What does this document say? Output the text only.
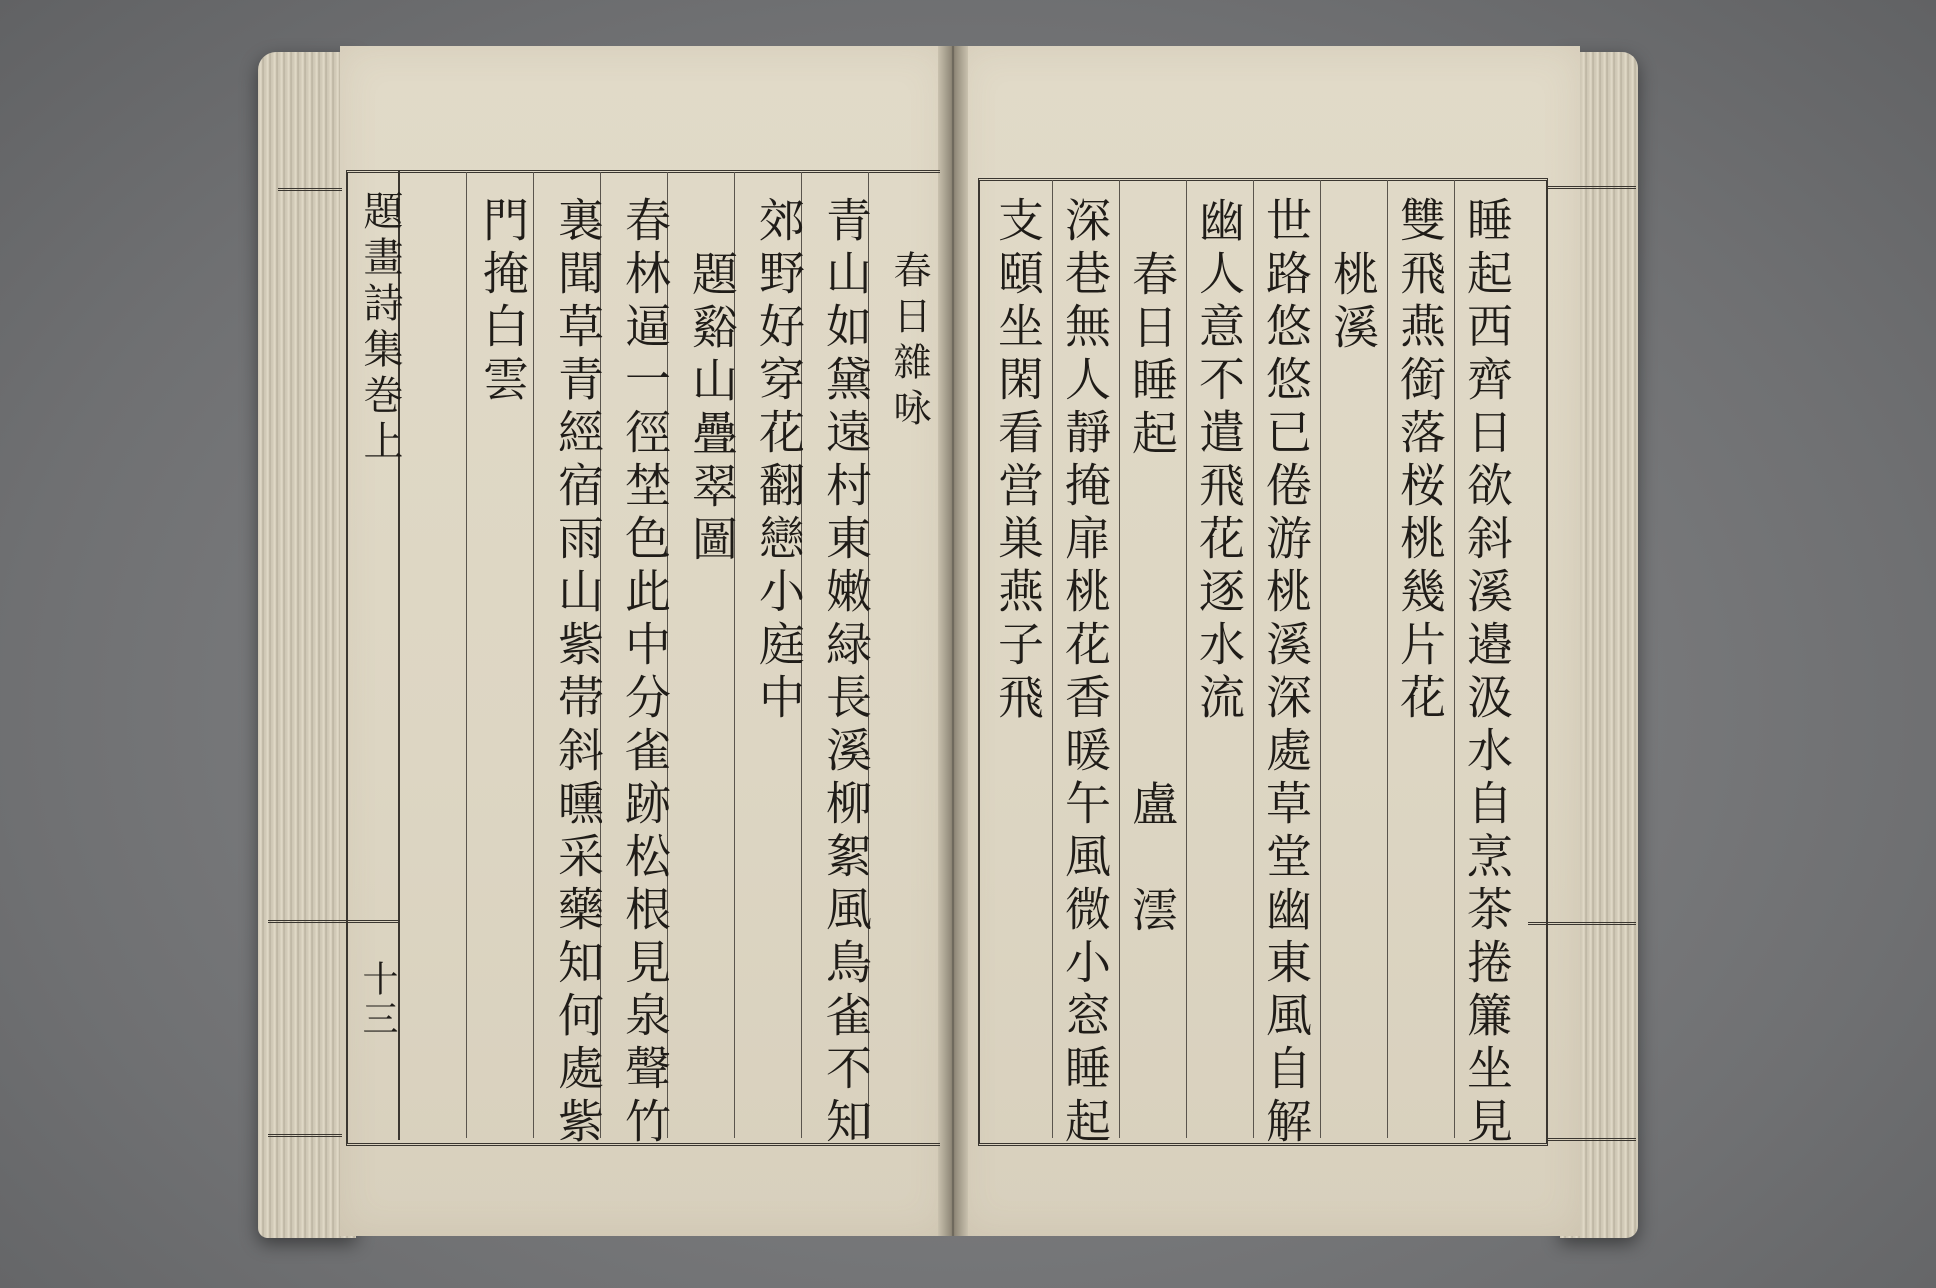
題畫詩集巻上
十三
門掩白雲 裏聞草青經宿雨山紫帯斜曛采藥知何處紫 春林逼一徑埜色此中分雀跡松根見泉聲竹 題谿山疊翠圖 郊野好穿花翻戀小庭中 青山如黛遠村東嫩緑長溪柳絮風鳥雀不知 春日雜咏 支頤坐閑看営巣燕子飛 深巷無人靜掩扉桃花香暖午風微小窓睡起 春日睡起　　　　　　盧　澐 幽人意不遣飛花逐水流 世路悠悠已倦游桃溪深處草堂幽東風自解 桃溪 雙飛燕銜落桜桃幾片花 睡起西齊日欲斜溪邉汲水自烹茶捲簾坐見
